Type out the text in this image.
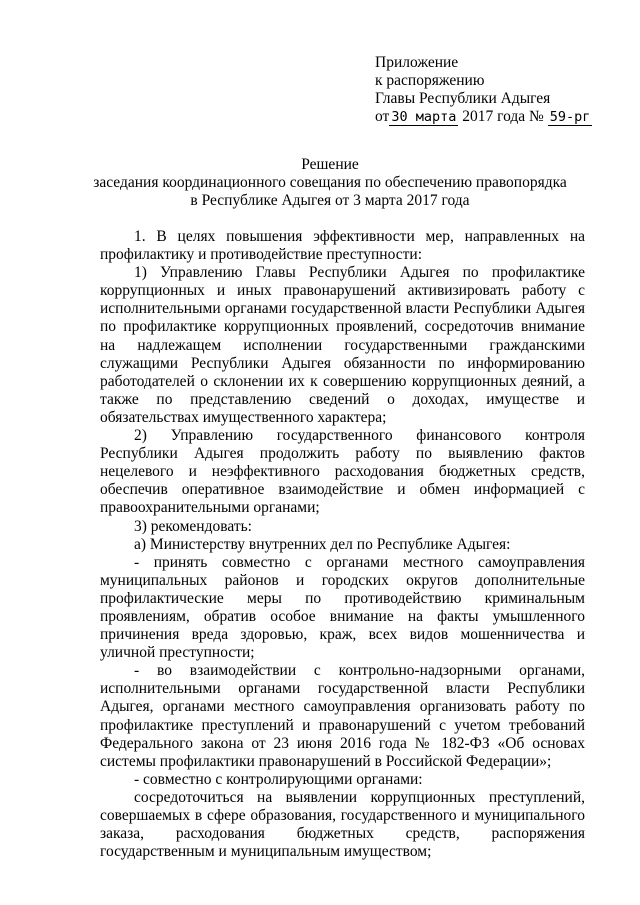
Приложение
к распоряжению
Главы Республики Адыгея
от 30 марта 2017 года № 59-рг
Решение
заседания координационного совещания по обеспечению правопорядка
в Республике Адыгея от 3 марта 2017 года

1. В целях повышения эффективности мер, направленных на профилактику и противодействие преступности:

1) Управлению Главы Республики Адыгея по профилактике коррупционных и иных правонарушений активизировать работу с исполнительными органами государственной власти Республики Адыгея по профилактике коррупционных проявлений, сосредоточив внимание на надлежащем исполнении государственными гражданскими служащими Республики Адыгея обязанности по информированию работодателей о склонении их к совершению коррупционных деяний, а также по представлению сведений о доходах, имуществе и обязательствах имущественного характера;

2) Управлению государственного финансового контроля Республики Адыгея продолжить работу по выявлению фактов нецелевого и неэффективного расходования бюджетных средств, обеспечив оперативное взаимодействие и обмен информацией с правоохранительными органами;

3) рекомендовать:

а) Министерству внутренних дел по Республике Адыгея:

- принять совместно с органами местного самоуправления муниципальных районов и городских округов дополнительные профилактические меры по противодействию криминальным проявлениям, обратив особое внимание на факты умышленного причинения вреда здоровью, краж, всех видов мошенничества и уличной преступности;

- во взаимодействии с контрольно-надзорными органами, исполнительными органами государственной власти Республики Адыгея, органами местного самоуправления организовать работу по профилактике преступлений и правонарушений с учетом требований Федерального закона от 23 июня 2016 года № 182-ФЗ «Об основах системы профилактики правонарушений в Российской Федерации»;

- совместно с контролирующими органами:

сосредоточиться на выявлении коррупционных преступлений, совершаемых в сфере образования, государственного и муниципального заказа, расходования бюджетных средств, распоряжения государственным и муниципальным имуществом;
